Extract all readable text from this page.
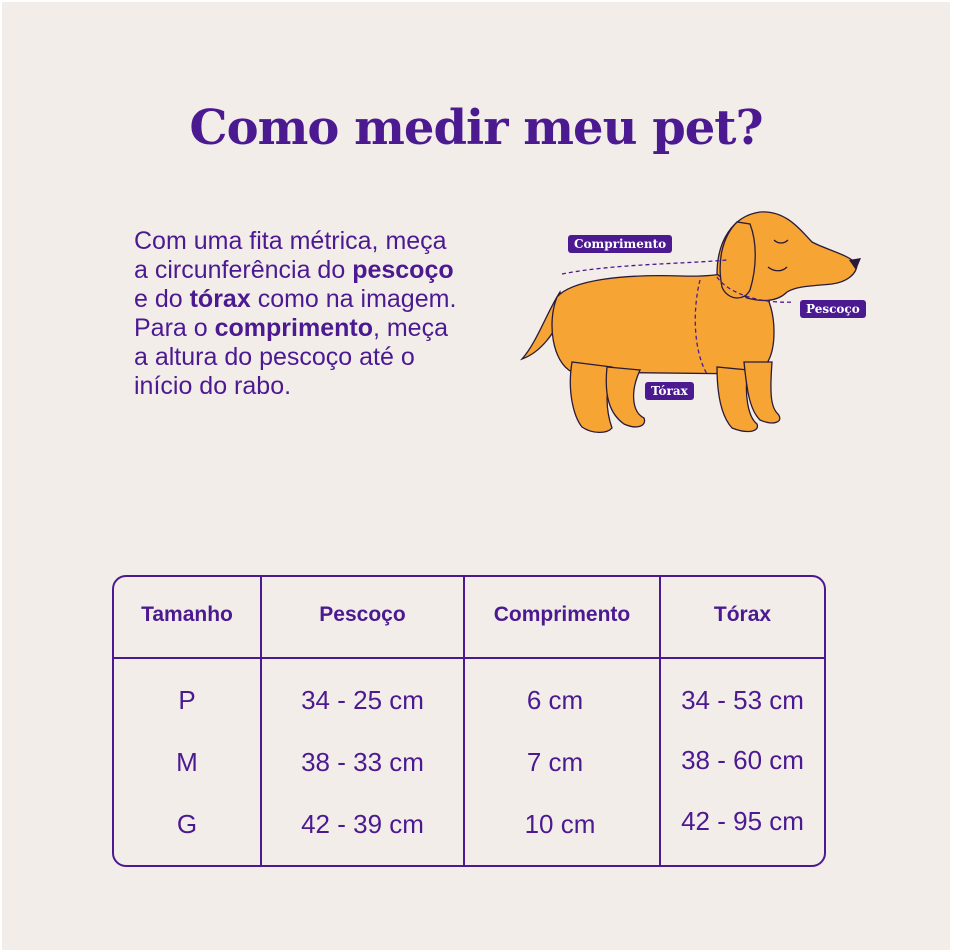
Como medir meu pet?
Com uma fita métrica, meça
a circunferência do pescoço
e do tórax como na imagem.
Para o comprimento, meça
a altura do pescoço até o
início do rabo.
Comprimento
Pescoço
Tórax
Tamanho	Pescoço	Comprimento	Tórax
P	34 - 25 cm	6 cm	34 - 53 cm
M	38 - 33 cm	7 cm	38 - 60 cm
G	42 - 39 cm	10 cm	42 - 95 cm
